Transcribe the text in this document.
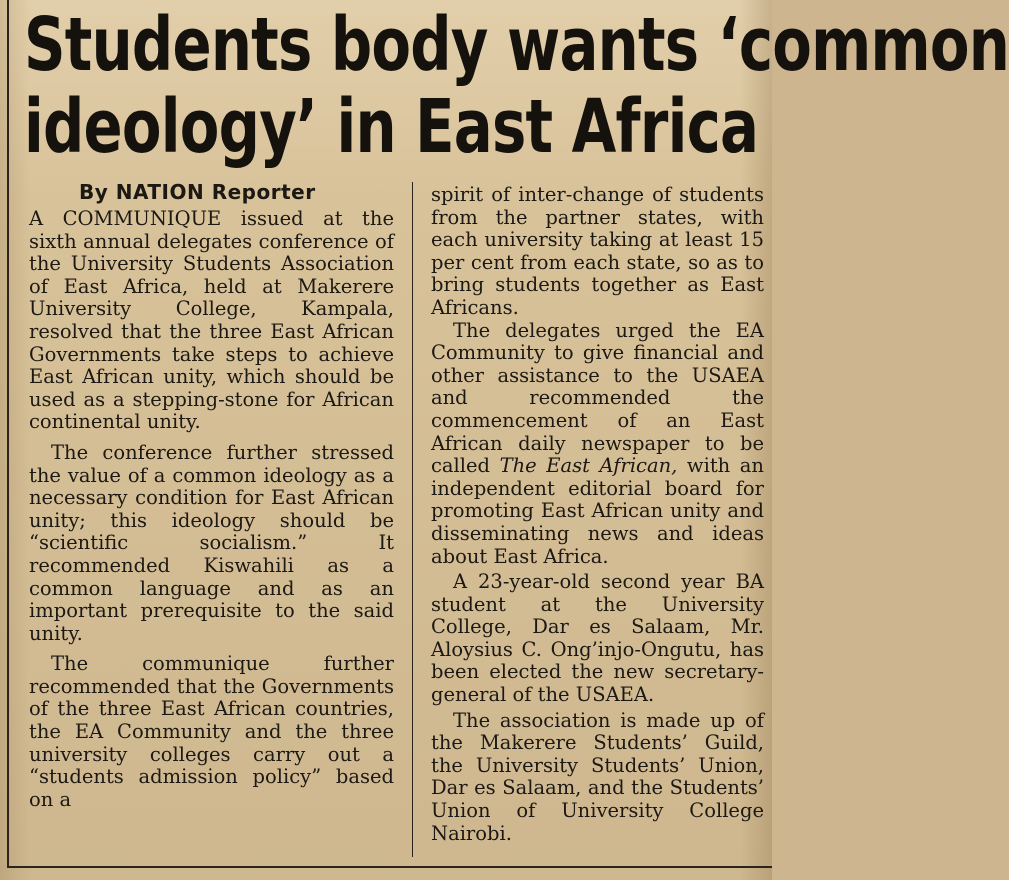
Students body wants ‘common
ideology’ in East Africa

By NATION Reporter

A COMMUNIQUE issued at the sixth annual delegates conference of the University Students Association of East Africa, held at Makerere University College, Kampala, resolved that the three East African Governments take steps to achieve East African unity, which should be used as a stepping-stone for African continental unity.

The conference further stressed the value of a common ideology as a necessary condition for East African unity; this ideology should be “scientific socialism.” It recommended Kiswahili as a common language and as an important prerequisite to the said unity.

The communique further recommended that the Governments of the three East African countries, the EA Community and the three university colleges carry out a “students admission policy” based on a

spirit of inter-change of students from the partner states, with each university taking at least 15 per cent from each state, so as to bring students together as East Africans.

The delegates urged the EA Community to give financial and other assistance to the USAEA and recommended the commencement of an East African daily newspaper to be called The East African, with an independent editorial board for promoting East African unity and disseminating news and ideas about East Africa.

A 23-year-old second year BA student at the University College, Dar es Salaam, Mr. Aloysius C. Ong’injo-Ongutu, has been elected the new secretary-general of the USAEA.

The association is made up of the Makerere Students’ Guild, the University Students’ Union, Dar es Salaam, and the Students’ Union of University College Nairobi.
